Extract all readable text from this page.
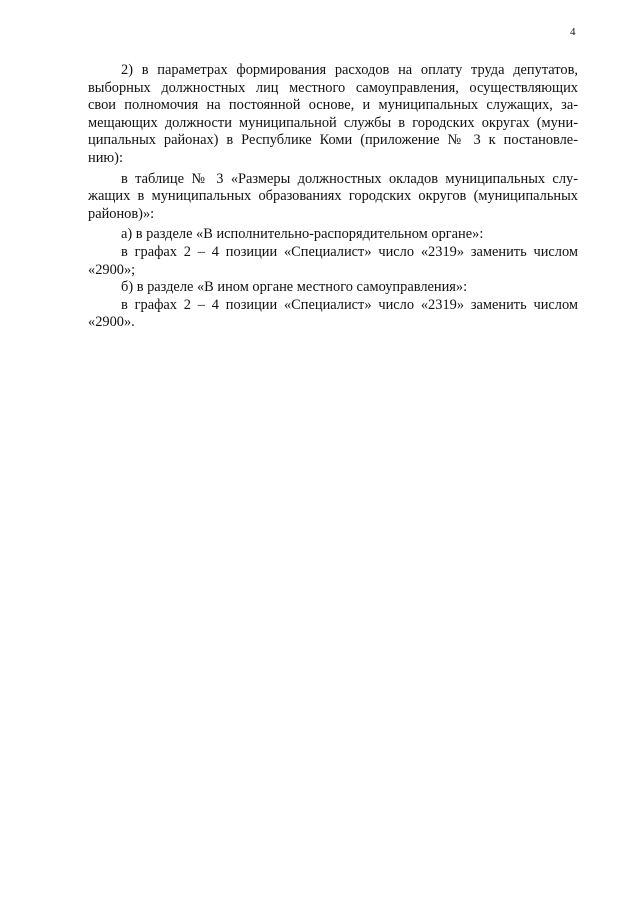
4
2) в параметрах формирования расходов на оплату труда депутатов,
выборных должностных лиц местного самоуправления, осуществляющих
свои полномочия на постоянной основе, и муниципальных служащих, за-
мещающих должности муниципальной службы в городских округах (муни-
ципальных районах) в Республике Коми (приложение № 3 к постановле-
нию):
в таблице № 3 «Размеры должностных окладов муниципальных слу-
жащих в муниципальных образованиях городских округов (муниципальных
районов)»:
а) в разделе «В исполнительно-распорядительном органе»:
в графах 2 – 4 позиции «Специалист» число «2319» заменить числом
«2900»;
б) в разделе «В ином органе местного самоуправления»:
в графах 2 – 4 позиции «Специалист» число «2319» заменить числом
«2900».
